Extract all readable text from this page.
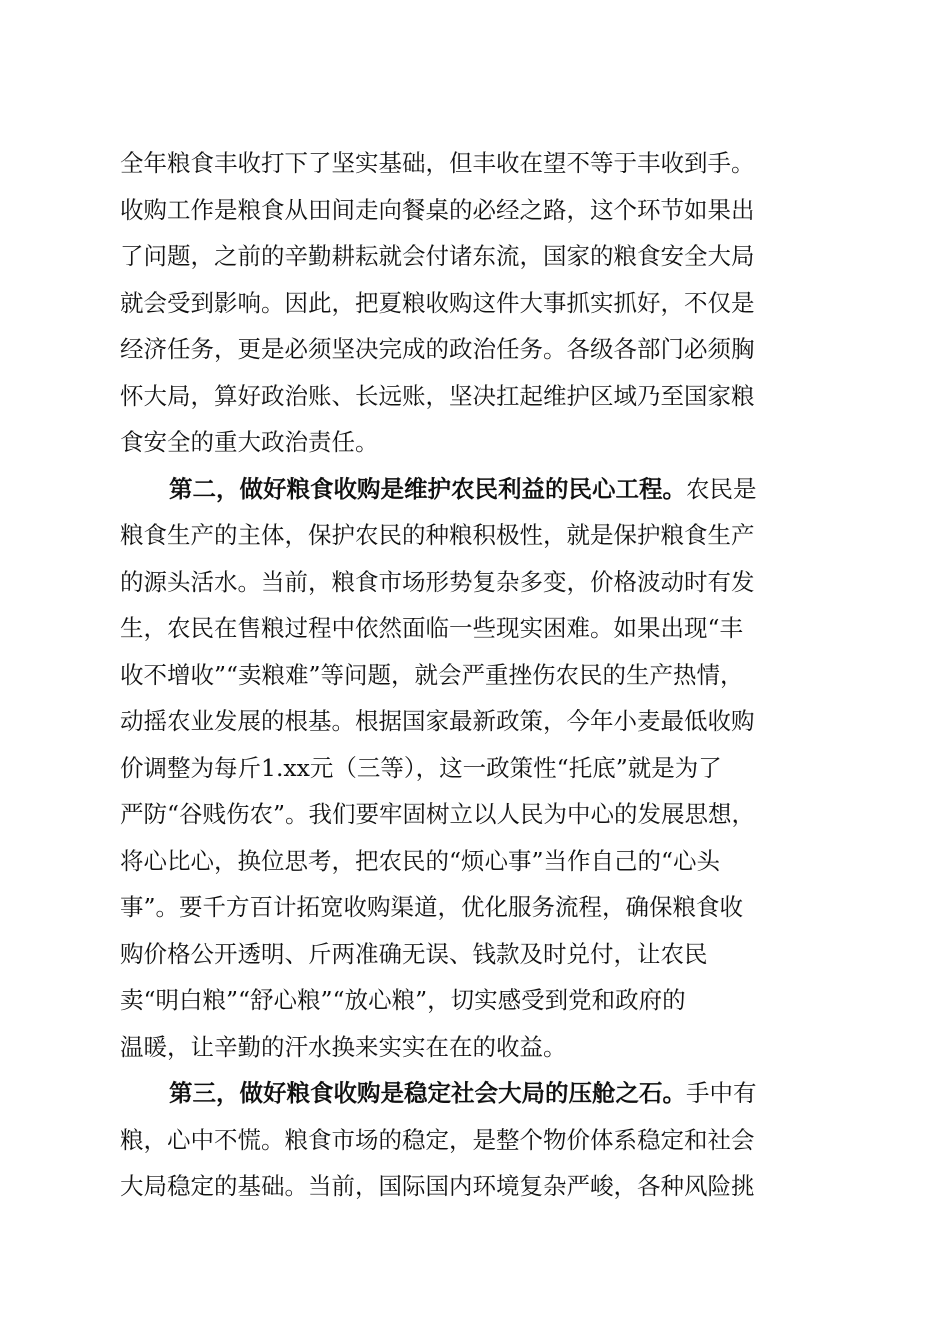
全年粮食丰收打下了坚实基础，但丰收在望不等于丰收到手。
收购工作是粮食从田间走向餐桌的必经之路，这个环节如果出
了问题，之前的辛勤耕耘就会付诸东流，国家的粮食安全大局
就会受到影响。因此，把夏粮收购这件大事抓实抓好，不仅是
经济任务，更是必须坚决完成的政治任务。各级各部门必须胸
怀大局，算好政治账、长远账，坚决扛起维护区域乃至国家粮
食安全的重大政治责任。
第二，做好粮食收购是维护农民利益的民心工程。农民是
粮食生产的主体，保护农民的种粮积极性，就是保护粮食生产
的源头活水。当前，粮食市场形势复杂多变，价格波动时有发
生，农民在售粮过程中依然面临一些现实困难。如果出现“丰
收不增收”“卖粮难”等问题，就会严重挫伤农民的生产热情，
动摇农业发展的根基。根据国家最新政策，今年小麦最低收购
价调整为每斤1.xx元（三等），这一政策性“托底”就是为了
严防“谷贱伤农”。我们要牢固树立以人民为中心的发展思想，
将心比心，换位思考，把农民的“烦心事”当作自己的“心头
事”。要千方百计拓宽收购渠道，优化服务流程，确保粮食收
购价格公开透明、斤两准确无误、钱款及时兑付，让农民
卖“明白粮”“舒心粮”“放心粮”，切实感受到党和政府的
温暖，让辛勤的汗水换来实实在在的收益。
第三，做好粮食收购是稳定社会大局的压舱之石。手中有
粮，心中不慌。粮食市场的稳定，是整个物价体系稳定和社会
大局稳定的基础。当前，国际国内环境复杂严峻，各种风险挑
